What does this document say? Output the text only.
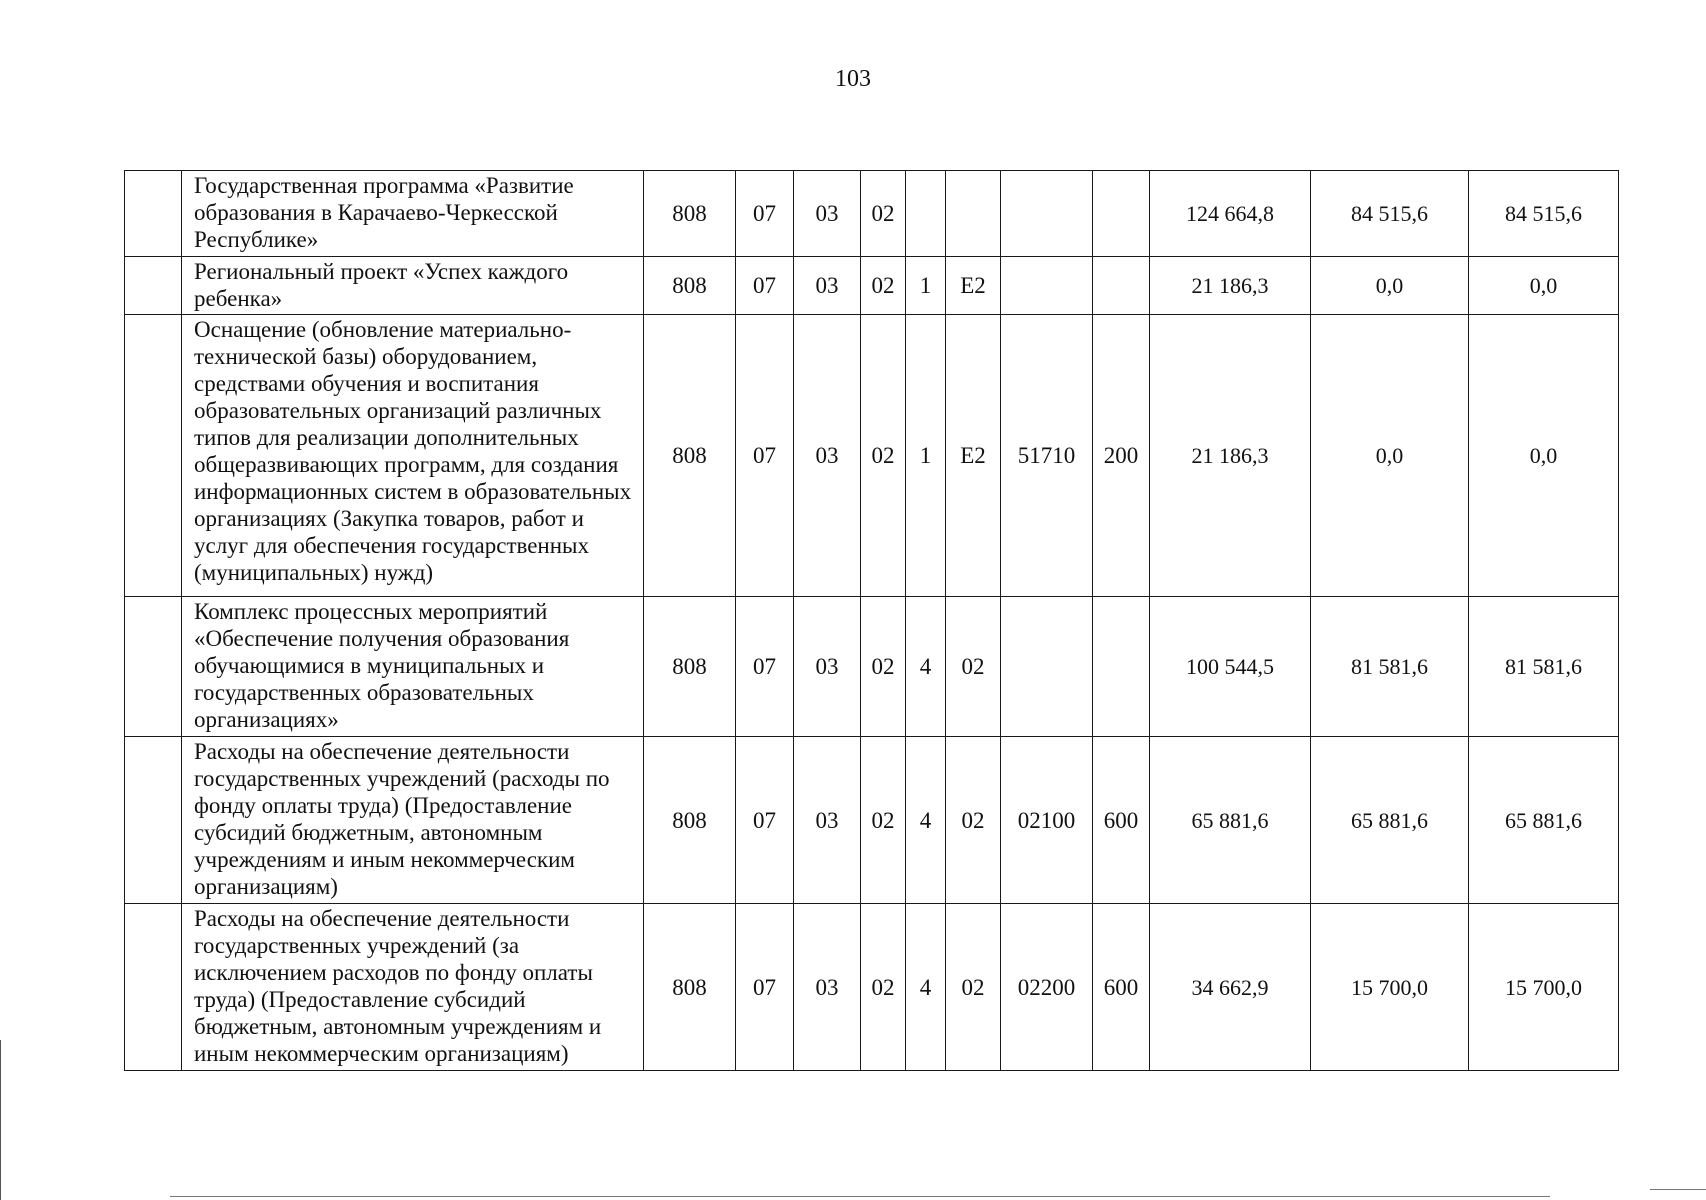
103
	Государственная программа «Развитие образования в Карачаево-Черкесской Республике»	808	07	03	02					124 664,8	84 515,6	84 515,6
	Региональный проект «Успех каждого ребенка»	808	07	03	02	1	E2			21 186,3	0,0	0,0
	Оснащение (обновление материально-технической базы) оборудованием, средствами обучения и воспитания образовательных организаций различных типов для реализации дополнительных общеразвивающих программ, для создания информационных систем в образовательных организациях (Закупка товаров, работ и услуг для обеспечения государственных (муниципальных) нужд)	808	07	03	02	1	E2	51710	200	21 186,3	0,0	0,0
	Комплекс процессных мероприятий «Обеспечение получения образования обучающимися в муниципальных и государственных образовательных организациях»	808	07	03	02	4	02			100 544,5	81 581,6	81 581,6
	Расходы на обеспечение деятельности государственных учреждений (расходы по фонду оплаты труда) (Предоставление субсидий бюджетным, автономным учреждениям и иным некоммерческим организациям)	808	07	03	02	4	02	02100	600	65 881,6	65 881,6	65 881,6
	Расходы на обеспечение деятельности государственных учреждений (за исключением расходов по фонду оплаты труда) (Предоставление субсидий бюджетным, автономным учреждениям и иным некоммерческим организациям)	808	07	03	02	4	02	02200	600	34 662,9	15 700,0	15 700,0
